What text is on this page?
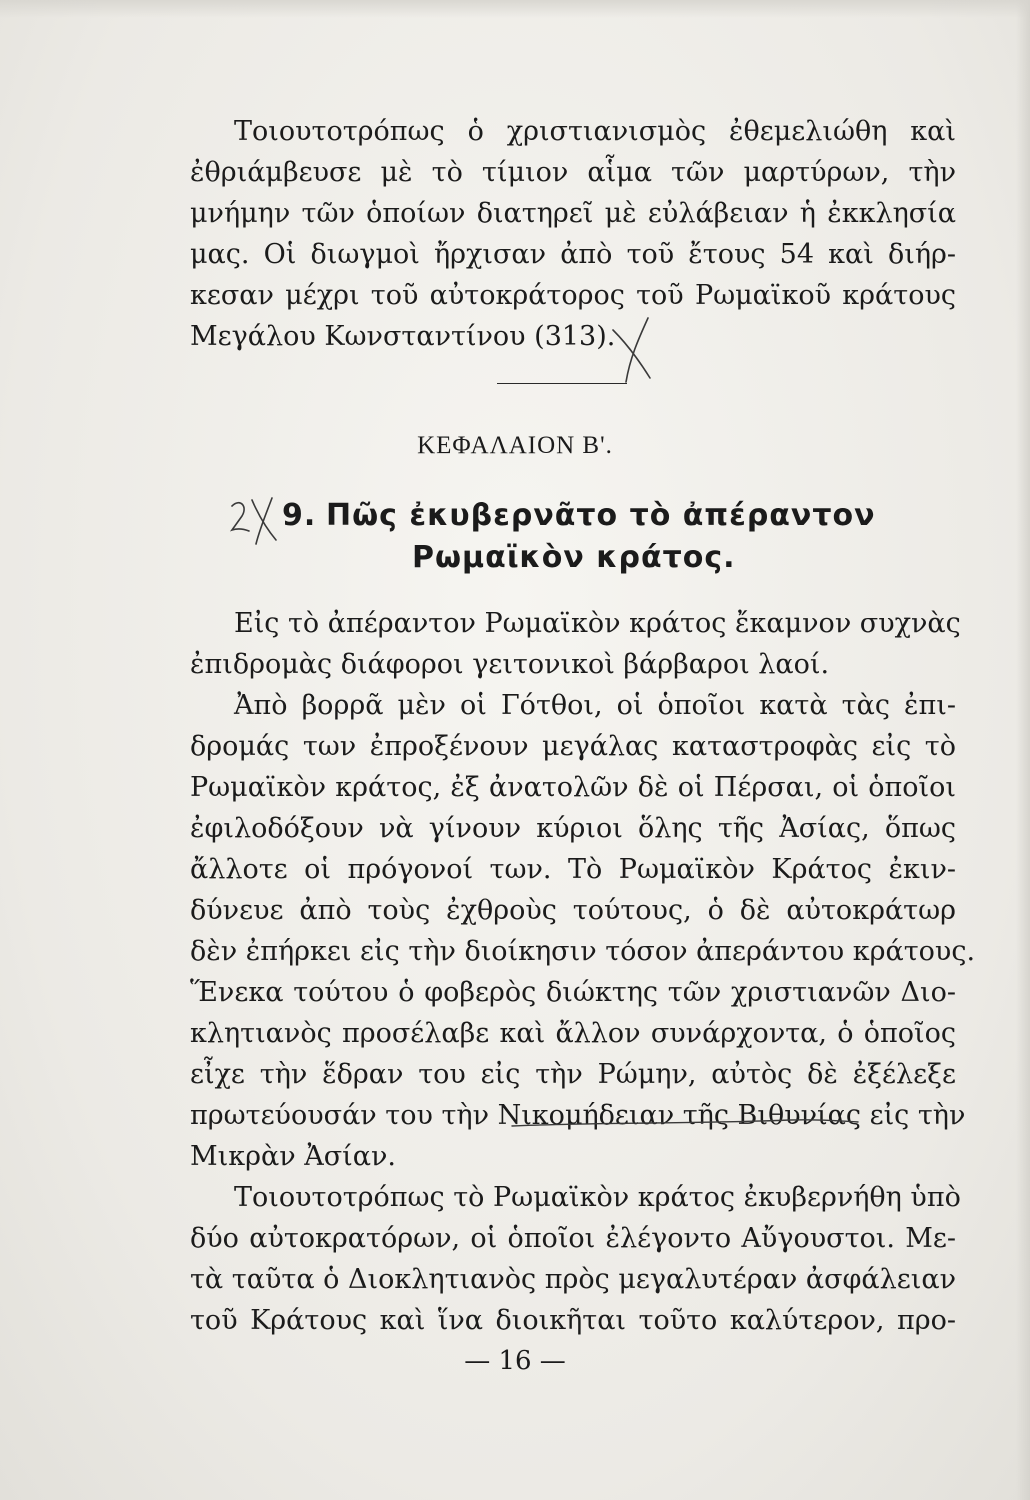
Τοιουτοτρόπως ὁ χριστιανισμὸς ἐθεμελιώθη καὶ
ἐθριάμβευσε μὲ τὸ τίμιον αἷμα τῶν μαρτύρων, τὴν
μνήμην τῶν ὁποίων διατηρεῖ μὲ εὐλάβειαν ἡ ἐκκλησία
μας. Οἱ διωγμοὶ ἤρχισαν ἀπὸ τοῦ ἔτους 54 καὶ διήρ-
κεσαν μέχρι τοῦ αὐτοκράτορος τοῦ Ρωμαϊκοῦ κράτους
Μεγάλου Κωνσταντίνου (313).
ΚΕΦΑΛΑΙΟΝ Β'.
9. Πῶς ἐκυβερνᾶτο τὸ ἀπέραντον
Ρωμαϊκὸν κράτος.
Εἰς τὸ ἀπέραντον Ρωμαϊκὸν κράτος ἔκαμνον συχνὰς
ἐπιδρομὰς διάφοροι γειτονικοὶ βάρβαροι λαοί.
Ἀπὸ βορρᾶ μὲν οἱ Γότθοι, οἱ ὁποῖοι κατὰ τὰς ἐπι-
δρομάς των ἐπροξένουν μεγάλας καταστροφὰς εἰς τὸ
Ρωμαϊκὸν κράτος, ἐξ ἀνατολῶν δὲ οἱ Πέρσαι, οἱ ὁποῖοι
ἐφιλοδόξουν νὰ γίνουν κύριοι ὅλης τῆς Ἀσίας, ὅπως
ἄλλοτε οἱ πρόγονοί των. Τὸ Ρωμαϊκὸν Κράτος ἐκιν-
δύνευε ἀπὸ τοὺς ἐχθροὺς τούτους, ὁ δὲ αὐτοκράτωρ
δὲν ἐπήρκει εἰς τὴν διοίκησιν τόσον ἀπεράντου κράτους.
Ἕνεκα τούτου ὁ φοβερὸς διώκτης τῶν χριστιανῶν Διο-
κλητιανὸς προσέλαβε καὶ ἄλλον συνάρχοντα, ὁ ὁποῖος
εἶχε τὴν ἕδραν του εἰς τὴν Ρώμην, αὐτὸς δὲ ἐξέλεξε
πρωτεύουσάν του τὴν Νικομήδειαν τῆς Βιθυνίας εἰς τὴν
Μικρὰν Ἀσίαν.
Τοιουτοτρόπως τὸ Ρωμαϊκὸν κράτος ἐκυβερνήθη ὑπὸ
δύο αὐτοκρατόρων, οἱ ὁποῖοι ἐλέγοντο Αὔγουστοι. Με-
τὰ ταῦτα ὁ Διοκλητιανὸς πρὸς μεγαλυτέραν ἀσφάλειαν
τοῦ Κράτους καὶ ἵνα διοικῆται τοῦτο καλύτερον, προ-
— 16 —
